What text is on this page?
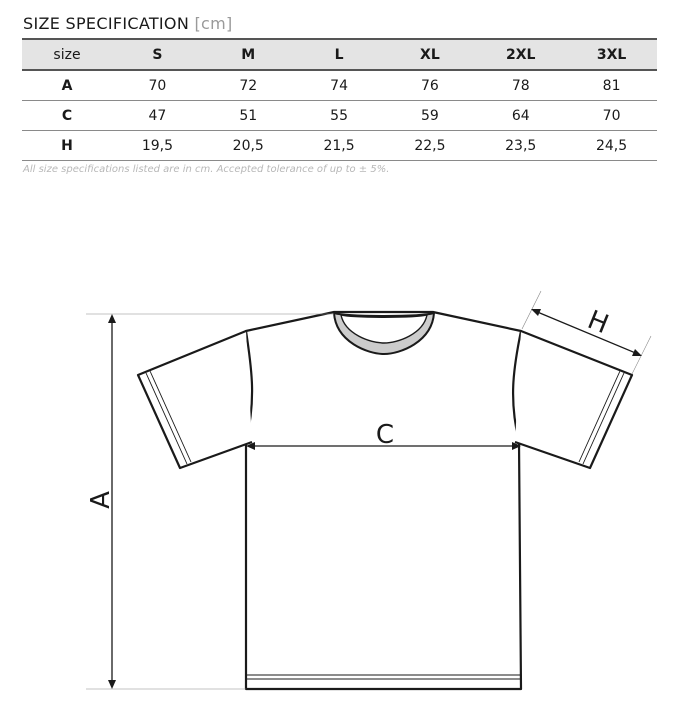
SIZE SPECIFICATION [cm]
size	S	M	L	XL	2XL	3XL
A	70	72	74	76	78	81
C	47	51	55	59	64	70
H	19,5	20,5	21,5	22,5	23,5	24,5
All size specifications listed are in cm. Accepted tolerance of up to ± 5%.
A
C
H
